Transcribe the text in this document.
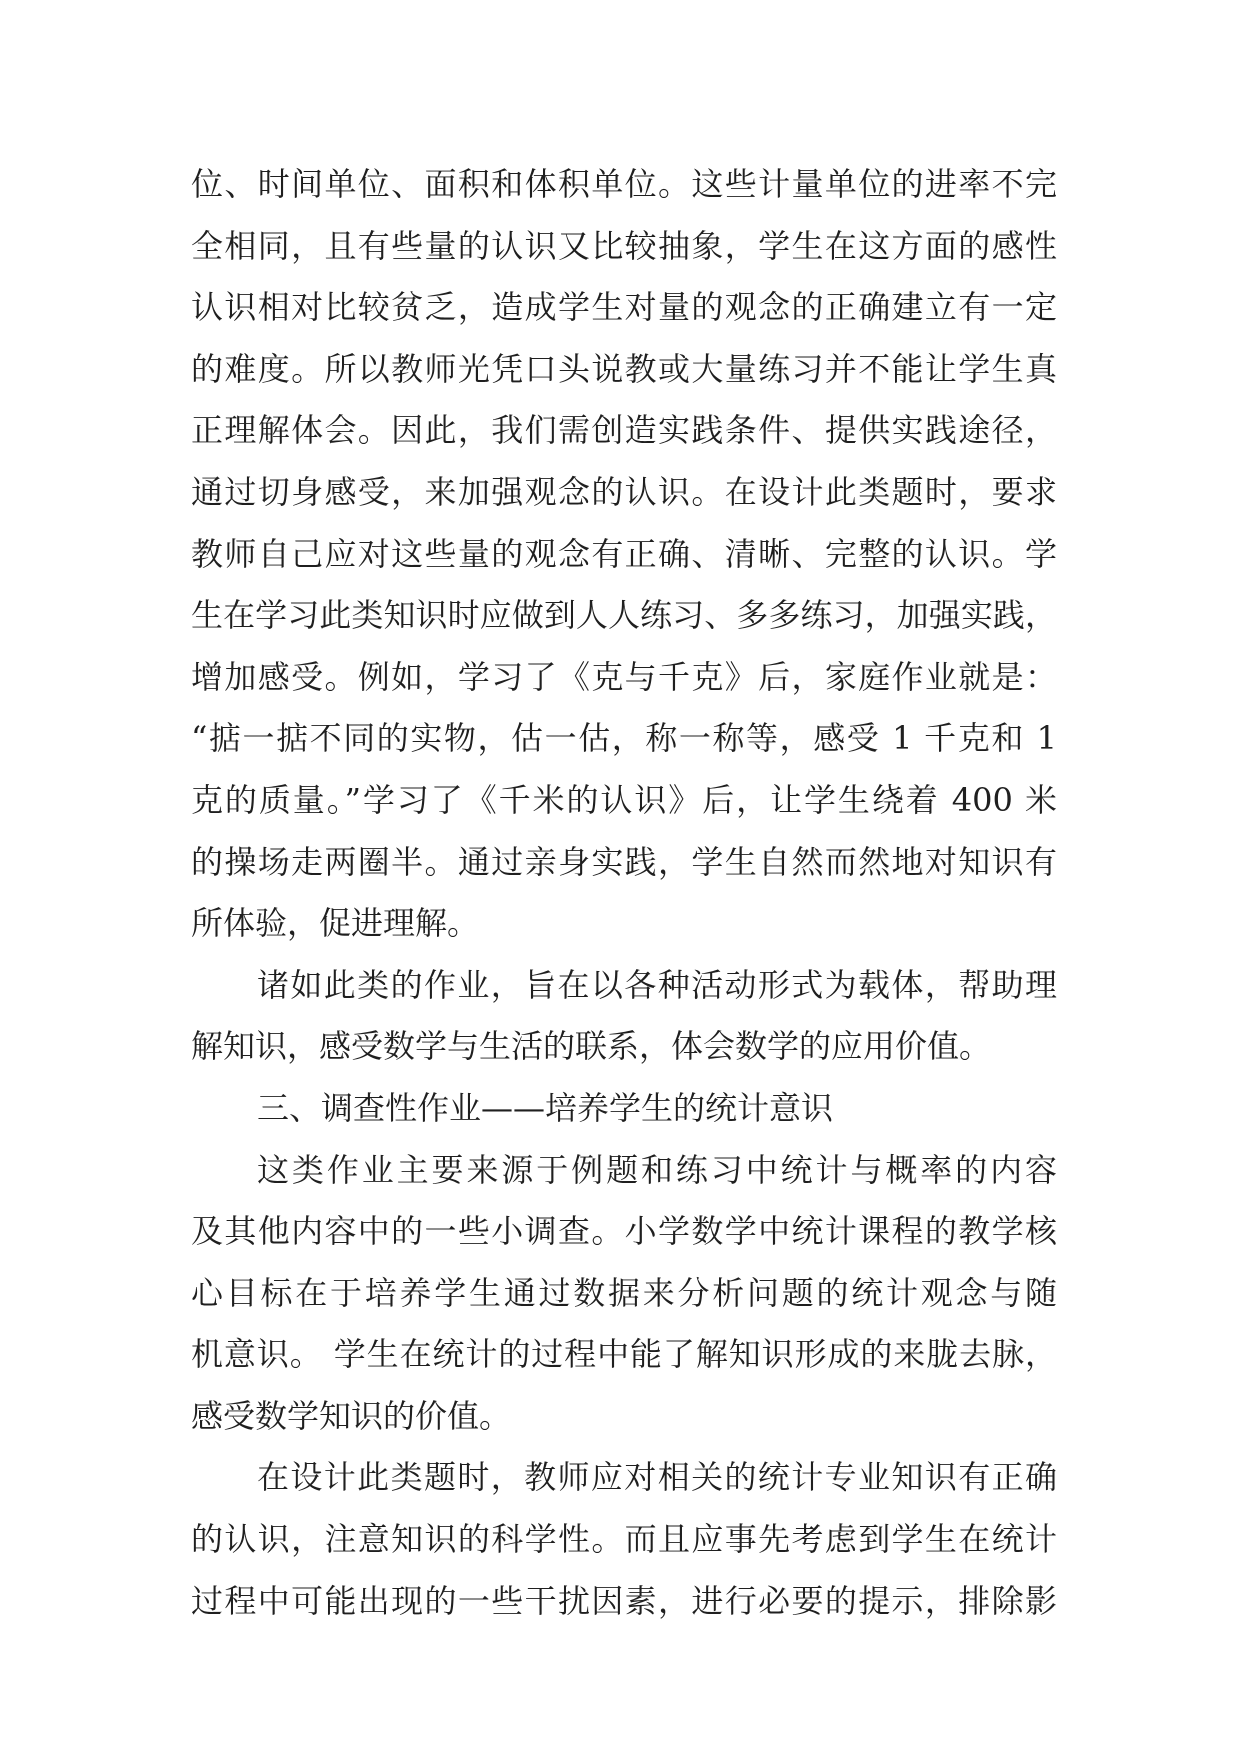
位、时间单位、面积和体积单位。这些计量单位的进率不完
全相同，且有些量的认识又比较抽象，学生在这方面的感性
认识相对比较贫乏，造成学生对量的观念的正确建立有一定
的难度。所以教师光凭口头说教或大量练习并不能让学生真
正理解体会。因此，我们需创造实践条件、提供实践途径，
通过切身感受，来加强观念的认识。在设计此类题时，要求
教师自己应对这些量的观念有正确、清晰、完整的认识。学
生在学习此类知识时应做到人人练习、多多练习，加强实践，
增加感受。例如，学习了《克与千克》后，家庭作业就是：
“掂一掂不同的实物，估一估，称一称等，感受 1 千克和 1
克的质量。”学习了《千米的认识》后，让学生绕着 400 米
的操场走两圈半。通过亲身实践，学生自然而然地对知识有
所体验，促进理解。
诸如此类的作业，旨在以各种活动形式为载体，帮助理
解知识，感受数学与生活的联系，体会数学的应用价值。
三、调查性作业——培养学生的统计意识
这类作业主要来源于例题和练习中统计与概率的内容
及其他内容中的一些小调查。小学数学中统计课程的教学核
心目标在于培养学生通过数据来分析问题的统计观念与随
机意识。 学生在统计的过程中能了解知识形成的来胧去脉，
感受数学知识的价值。
在设计此类题时，教师应对相关的统计专业知识有正确
的认识，注意知识的科学性。而且应事先考虑到学生在统计
过程中可能出现的一些干扰因素，进行必要的提示，排除影
